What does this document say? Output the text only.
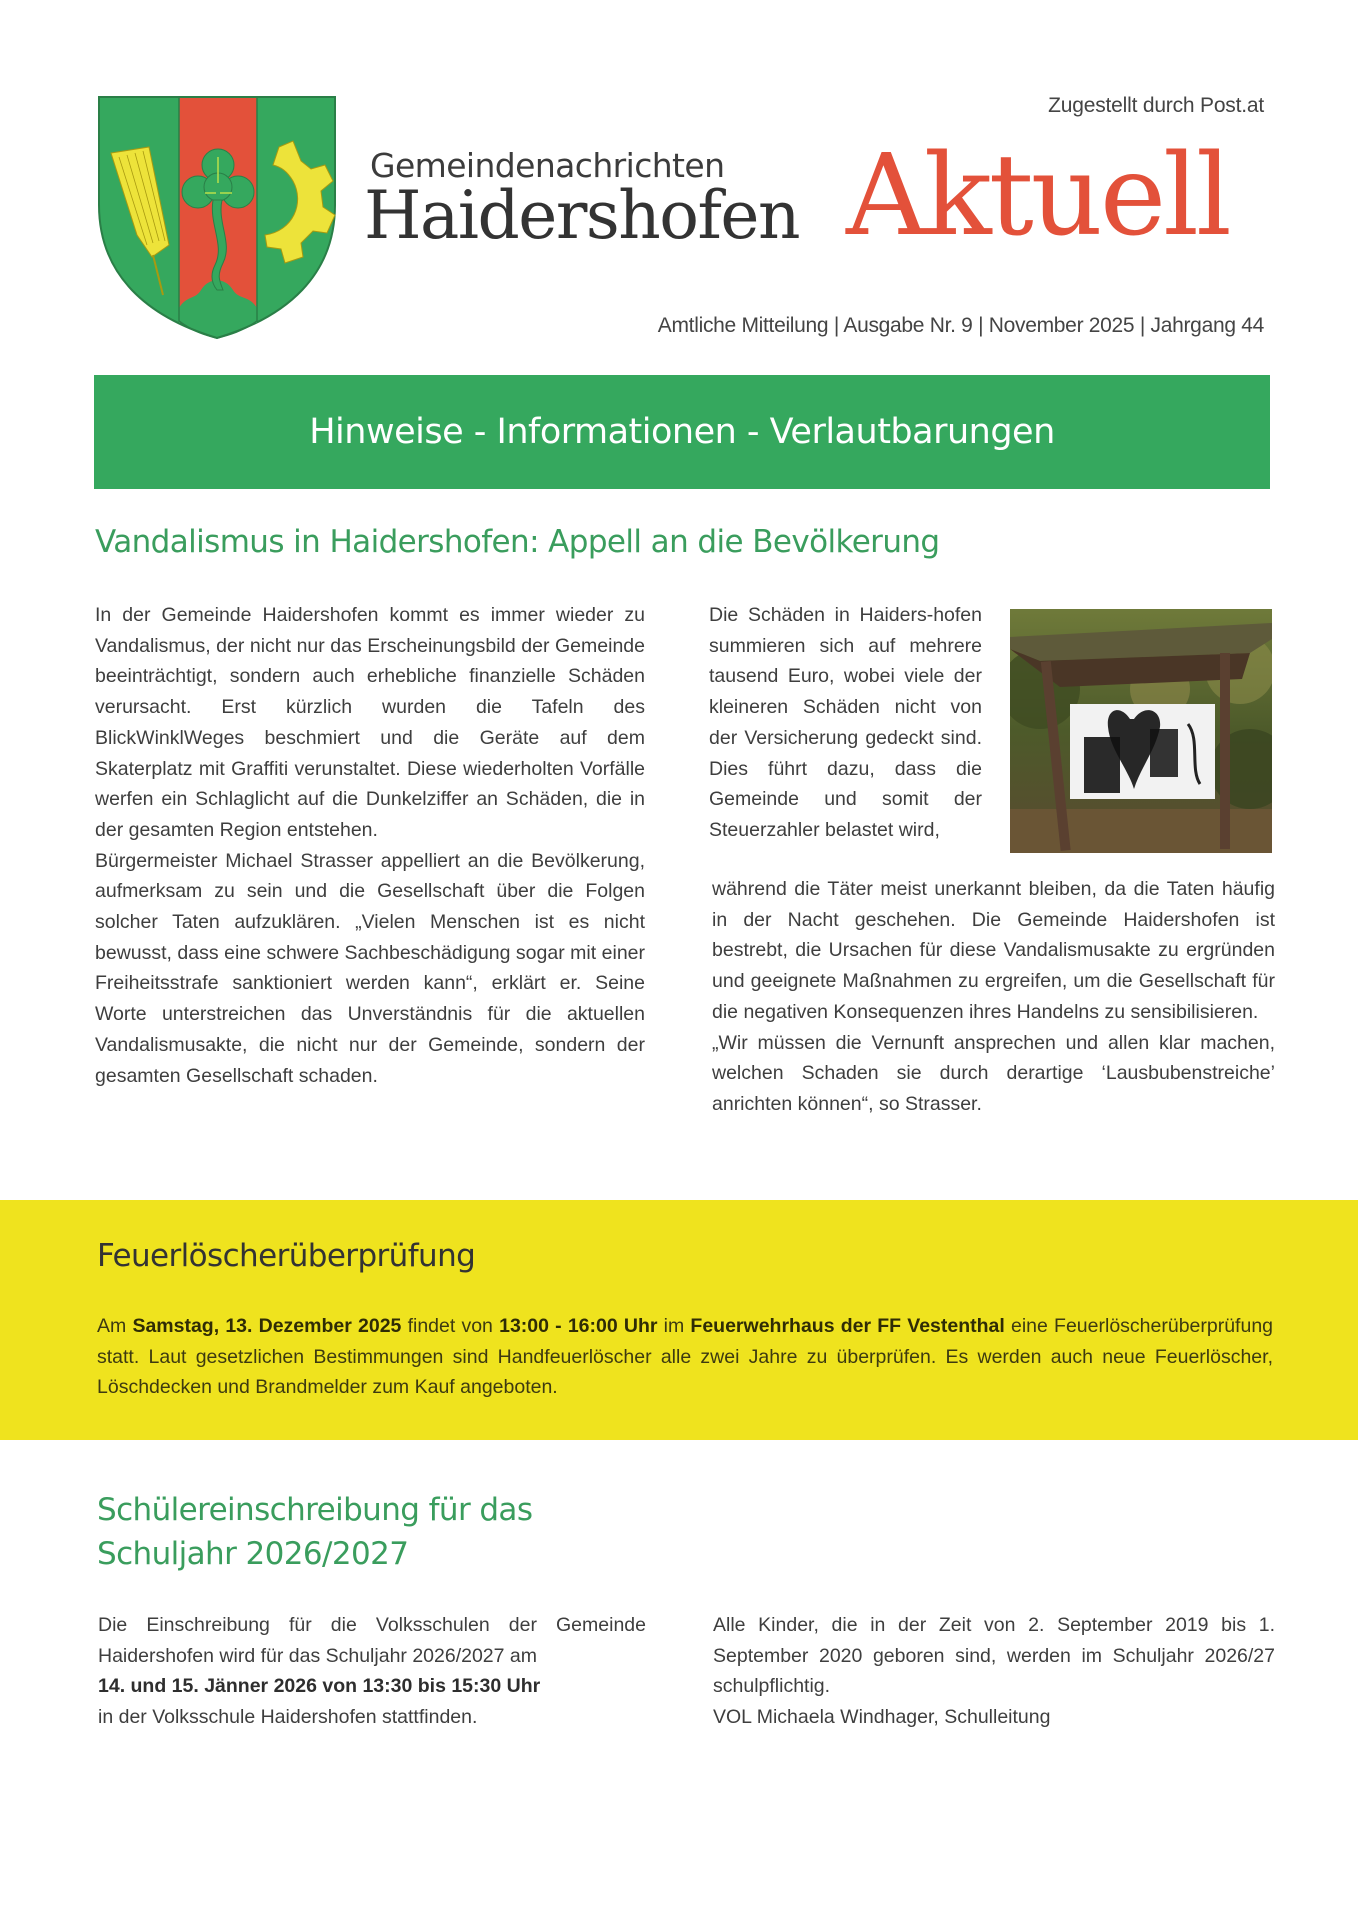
Zugestellt durch Post.at
Gemeindenachrichten
Haidershofen Aktuell
Amtliche Mitteilung | Ausgabe Nr. 9 | November 2025 | Jahrgang 44
Hinweise - Informationen - Verlautbarungen
Vandalismus in Haidershofen: Appell an die Bevölkerung

In der Gemeinde Haidershofen kommt es immer wieder zu Vandalismus, der nicht nur das Erscheinungsbild der Gemeinde beeinträchtigt, sondern auch erhebliche finanzielle Schäden verursacht. Erst kürzlich wurden die Tafeln des BlickWinklWeges beschmiert und die Geräte auf dem Skaterplatz mit Graffiti verunstaltet. Diese wiederholten Vorfälle werfen ein Schlaglicht auf die Dunkelziffer an Schäden, die in der gesamten Region entstehen.

Bürgermeister Michael Strasser appelliert an die Bevölkerung, aufmerksam zu sein und die Gesellschaft über die Folgen solcher Taten aufzuklären. „Vielen Menschen ist es nicht bewusst, dass eine schwere Sachbeschädigung sogar mit einer Freiheitsstrafe sanktioniert werden kann“, erklärt er. Seine Worte unterstreichen das Unverständnis für die aktuellen Vandalismusakte, die nicht nur der Gemeinde, sondern der gesamten Gesellschaft schaden.

Die Schäden in Haiders-hofen summieren sich auf mehrere tausend Euro, wobei viele der kleineren Schäden nicht von der Versicherung gedeckt sind. Dies führt dazu, dass die Gemeinde und somit der Steuerzahler belastet wird,

während die Täter meist unerkannt bleiben, da die Taten häufig in der Nacht geschehen. Die Gemeinde Haidershofen ist bestrebt, die Ursachen für diese Vandalismusakte zu ergründen und geeignete Maßnahmen zu ergreifen, um die Gesellschaft für die negativen Konsequenzen ihres Handelns zu sensibilisieren.

„Wir müssen die Vernunft ansprechen und allen klar machen, welchen Schaden sie durch derartige ‘Lausbubenstreiche’ anrichten können“, so Strasser.

Feuerlöscherüberprüfung
Am Samstag, 13. Dezember 2025 findet von 13:00 - 16:00 Uhr im Feuerwehrhaus der FF Vestenthal eine Feuerlöscherüberprüfung statt. Laut gesetzlichen Bestimmungen sind Handfeuerlöscher alle zwei Jahre zu überprüfen. Es werden auch neue Feuerlöscher, Löschdecken und Brandmelder zum Kauf angeboten.
Schülereinschreibung für das
Schuljahr 2026/2027

Die Einschreibung für die Volksschulen der Gemeinde Haidershofen wird für das Schuljahr 2026/2027 am

14. und 15. Jänner 2026 von 13:30 bis 15:30 Uhr

in der Volksschule Haidershofen stattfinden.

Alle Kinder, die in der Zeit von 2. September 2019 bis 1. September 2020 geboren sind, werden im Schuljahr 2026/27 schulpflichtig.

VOL Michaela Windhager, Schulleitung
